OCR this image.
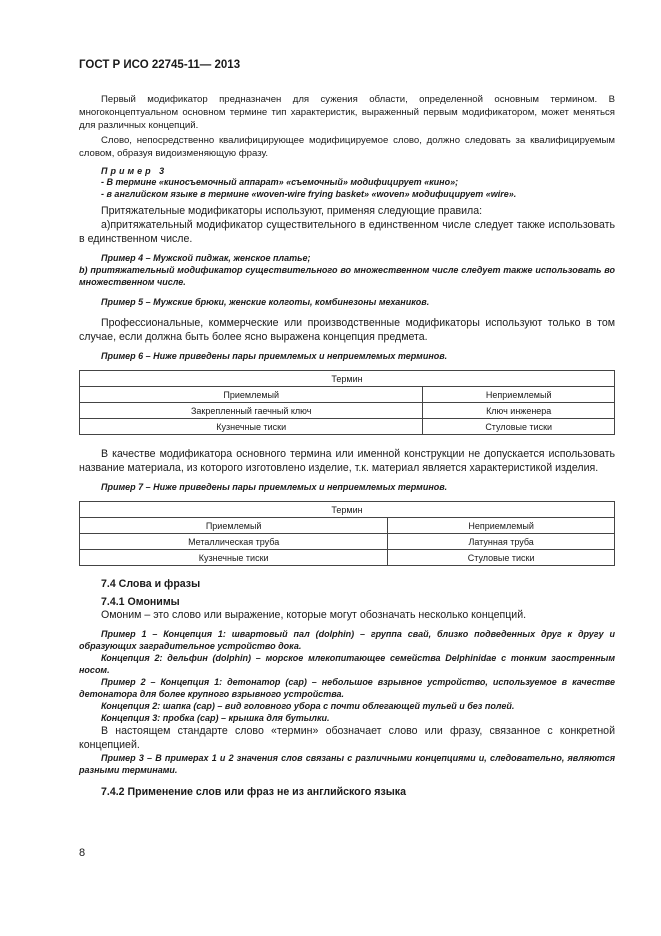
ГОСТ Р ИСО 22745-11— 2013

Первый модификатор предназначен для сужения области, определенной основным термином. В многоконцептуальном основном термине тип характеристик, выраженный первым модификатором, может меняться для различных концепций.

Слово, непосредственно квалифицирующее модифицируемое слово, должно следовать за квалифицируемым словом, образуя видоизменяющую фразу.

Пример 3

- В термине «киносъемочный аппарат» «съемочный» модифицирует «кино»;

- в английском языке в термине «woven-wire frying basket» «woven» модифицирует «wire».

Притяжательные модификаторы используют, применяя следующие правила:

а)притяжательный модификатор существительного в единственном числе следует также использовать в единственном числе.

Пример 4 – Мужской пиджак, женское платье;

b) притяжательный модификатор существительного во множественном числе следует также использовать во множественном числе.

Пример 5 – Мужские брюки, женские колготы, комбинезоны механиков.

Профессиональные, коммерческие или производственные модификаторы используют только в том случае, если должна быть более ясно выражена концепция предмета.

Пример 6 – Ниже приведены пары приемлемых и неприемлемых терминов.

Термин	
Приемлемый	Неприемлемый
Закрепленный гаечный ключ	Ключ инженера
Кузнечные тиски	Стуловые тиски

В качестве модификатора основного термина или именной конструкции не допускается использовать название материала, из которого изготовлено изделие, т.к. материал является характеристикой изделия.

Пример 7 – Ниже приведены пары приемлемых и неприемлемых терминов.

Термин	
Приемлемый	Неприемлемый
Металлическая труба	Латунная труба
Кузнечные тиски	Стуловые тиски

7.4 Слова и фразы

7.4.1 Омонимы

Омоним – это слово или выражение, которые могут обозначать несколько концепций.

Пример 1 – Концепция 1: швартовый пал (dolphin) – группа свай, близко подведенных друг к другу и образующих заградительное устройство дока.

Концепция 2: дельфин (dolphin) – морское млекопитающее семейства Delphinidae с тонким заостренным носом.

Пример 2 – Концепция 1: детонатор (cap) – небольшое взрывное устройство, используемое в качестве детонатора для более крупного взрывного устройства.

Концепция 2: шапка (cap) – вид головного убора с почти облегающей тульей и без полей.

Концепция 3: пробка (cap) – крышка для бутылки.

В настоящем стандарте слово «термин» обозначает слово или фразу, связанное с конкретной концепцией.

Пример 3 – В примерах 1 и 2 значения слов связаны с различными концепциями и, следовательно, являются разными терминами.

7.4.2 Применение слов или фраз не из английского языка

8
